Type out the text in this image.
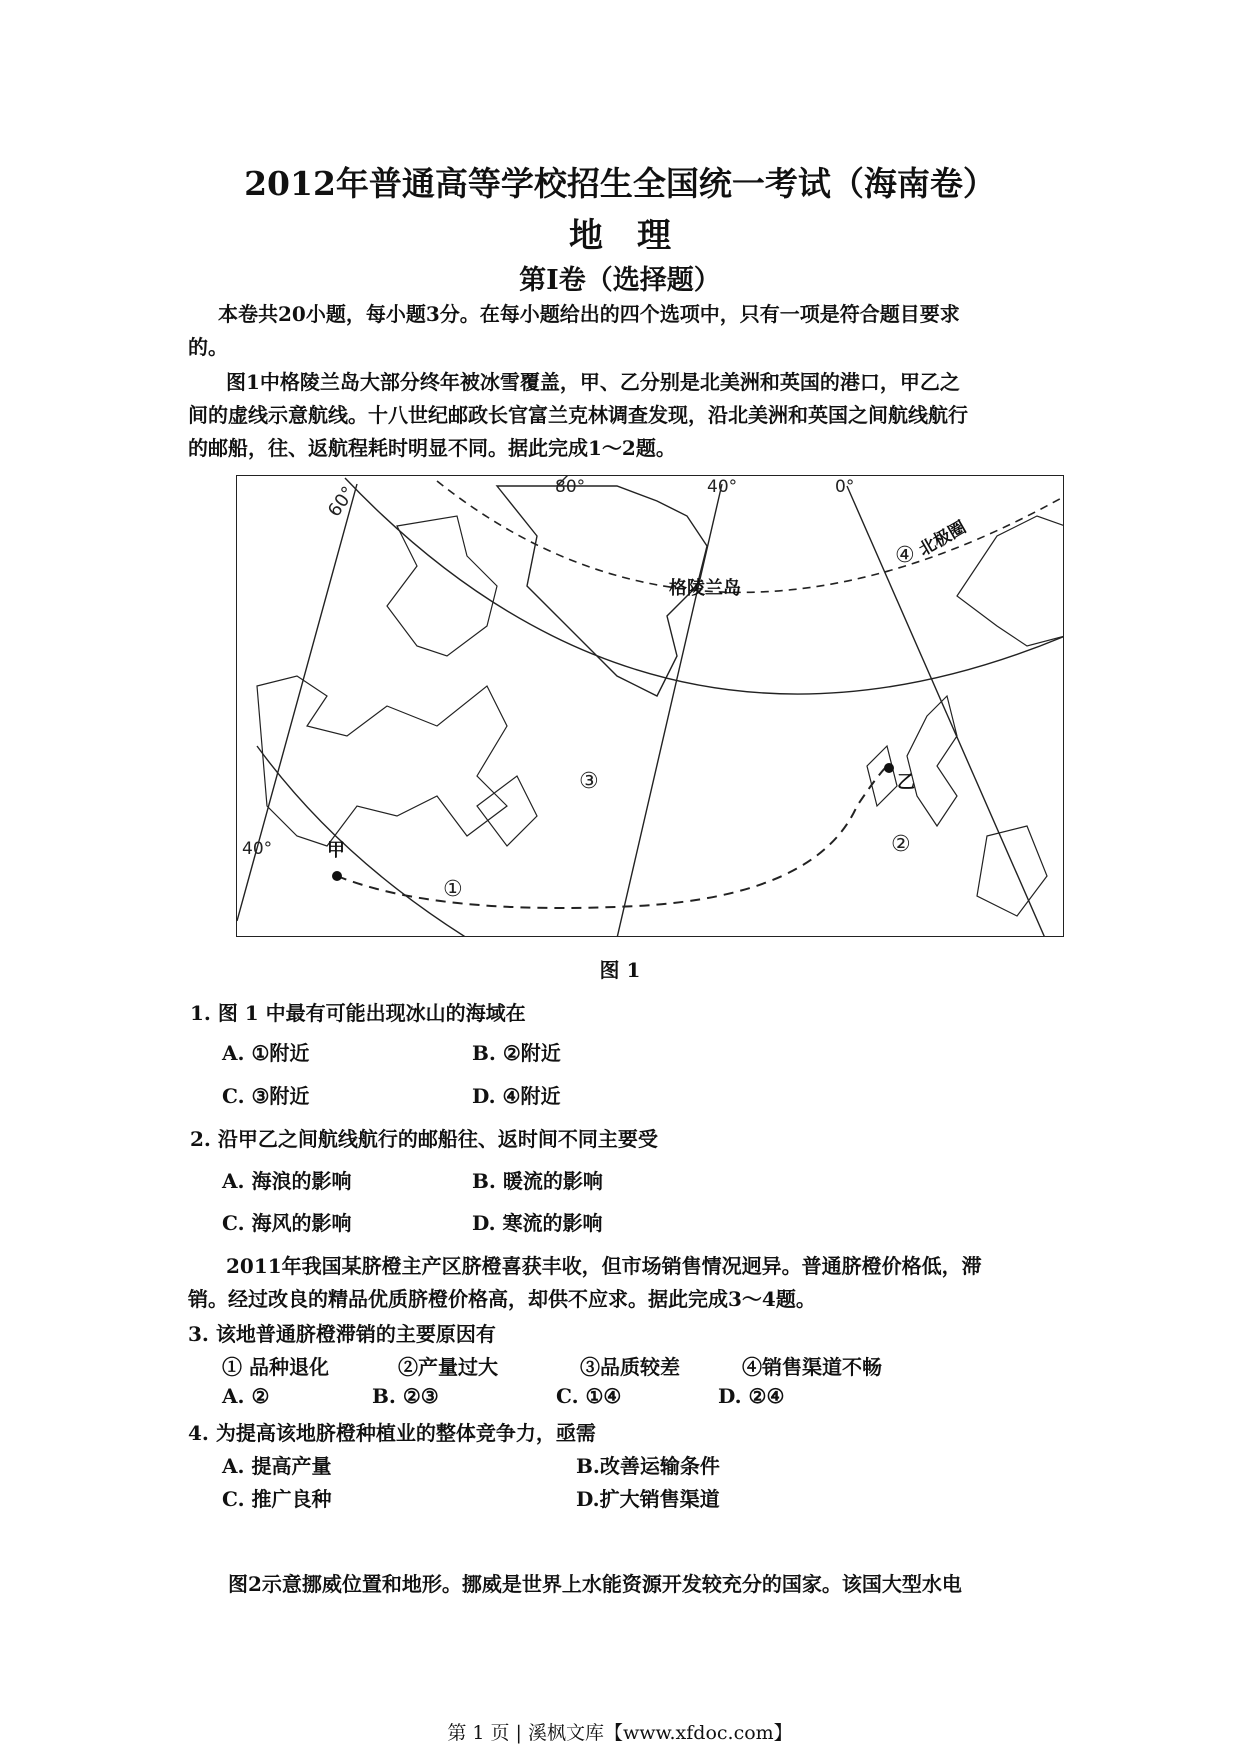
2012年普通高等学校招生全国统一考试（海南卷）
地理
第I卷（选择题）
本卷共20小题，每小题3分。在每小题给出的四个选项中，只有一项是符合题目要求
的。
图1中格陵兰岛大部分终年被冰雪覆盖，甲、乙分别是北美洲和英国的港口，甲乙之
间的虚线示意航线。十八世纪邮政长官富兰克林调查发现，沿北美洲和英国之间航线航行
的邮船，往、返航程耗时明显不同。据此完成1～2题。
60°	80°	40°	0°
40°
格陵兰岛
北极圈
甲
乙
①
②
③
④
图 1
1. 图 1 中最有可能出现冰山的海域在
A. ①附近	B. ②附近
C. ③附近	D. ④附近
2. 沿甲乙之间航线航行的邮船往、返时间不同主要受
A. 海浪的影响	B. 暖流的影响
C. 海风的影响	D. 寒流的影响
2011年我国某脐橙主产区脐橙喜获丰收，但市场销售情况迥异。普通脐橙价格低，滞
销。经过改良的精品优质脐橙价格高，却供不应求。据此完成3～4题。
3. 该地普通脐橙滞销的主要原因有
① 品种退化	②产量过大	③品质较差	④销售渠道不畅
A. ②	B. ②③	C. ①④	D. ②④
4. 为提高该地脐橙种植业的整体竞争力，亟需
A. 提高产量	B.改善运输条件
C. 推广良种	D.扩大销售渠道
图2示意挪威位置和地形。挪威是世界上水能资源开发较充分的国家。该国大型水电
第 1 页 | 溪枫文库【www.xfdoc.com】
